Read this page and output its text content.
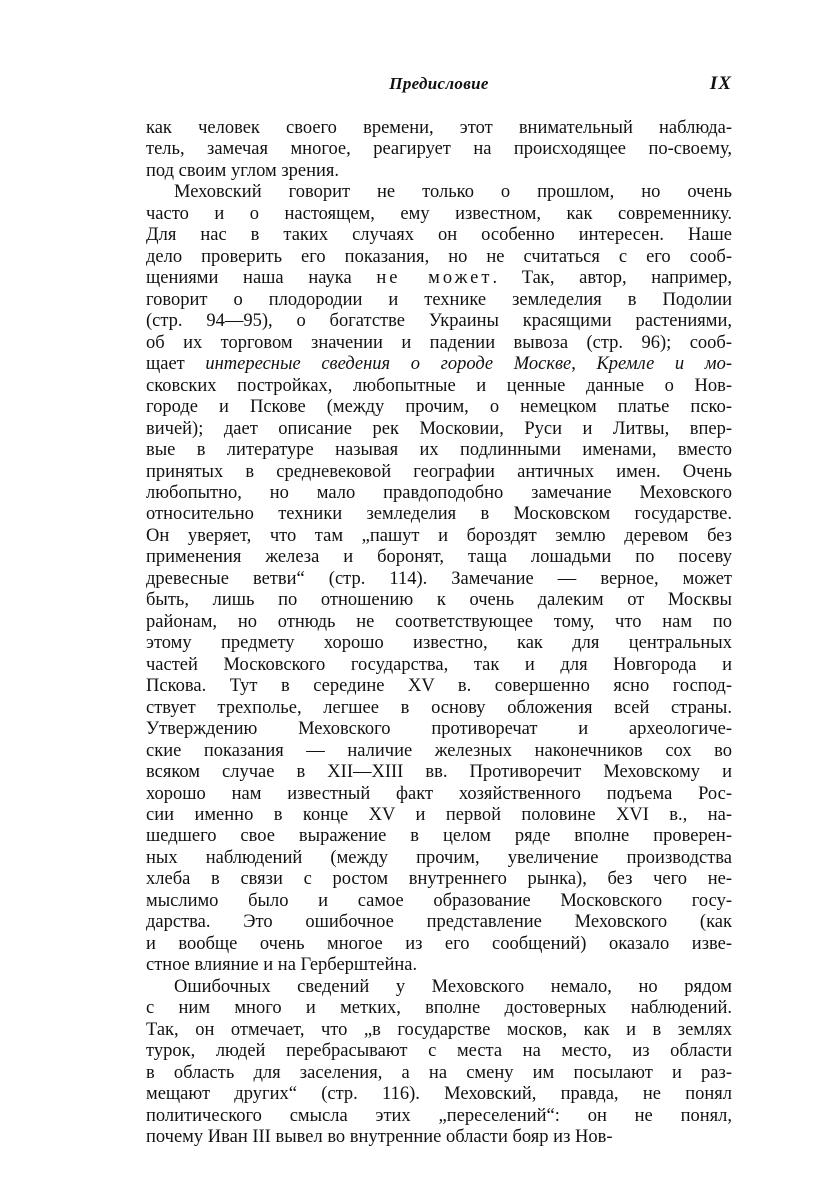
Предисловие	IX
как человек своего времени, этот внимательный наблюда-
тель, замечая многое, реагирует на происходящее по-своему,
под своим углом зрения.
Меховский говорит не только о прошлом, но очень
часто и о настоящем, ему известном, как современнику.
Для нас в таких случаях он особенно интересен. Наше
дело проверить его показания, но не считаться с его сооб-
щениями наша наука не может. Так, автор, например,
говорит о плодородии и технике земледелия в Подолии
(стр. 94—95), о богатстве Украины красящими растениями,
об их торговом значении и падении вывоза (стр. 96); сооб-
щает интересные сведения о городе Москве, Кремле и мо-
сковских постройках, любопытные и ценные данные о Нов-
городе и Пскове (между прочим, о немецком платье пско-
вичей); дает описание рек Московии, Руси и Литвы, впер-
вые в литературе называя их подлинными именами, вместо
принятых в средневековой географии античных имен. Очень
любопытно, но мало правдоподобно замечание Меховского
относительно техники земледелия в Московском государстве.
Он уверяет, что там „пашут и бороздят землю деревом без
применения железа и боронят, таща лошадьми по посеву
древесные ветви“ (стр. 114). Замечание — верное, может
быть, лишь по отношению к очень далеким от Москвы
районам, но отнюдь не соответствующее тому, что нам по
этому предмету хорошо известно, как для центральных
частей Московского государства, так и для Новгорода и
Пскова. Тут в середине XV в. совершенно ясно господ-
ствует трехполье, легшее в основу обложения всей страны.
Утверждению Меховского противоречат и археологиче-
ские показания — наличие железных наконечников сох во
всяком случае в XII—XIII вв. Противоречит Меховскому и
хорошо нам известный факт хозяйственного подъема Рос-
сии именно в конце XV и первой половине XVI в., на-
шедшего свое выражение в целом ряде вполне проверен-
ных наблюдений (между прочим, увеличение производства
хлеба в связи с ростом внутреннего рынка), без чего не-
мыслимо было и самое образование Московского госу-
дарства. Это ошибочное представление Меховского (как
и вообще очень многое из его сообщений) оказало изве-
стное влияние и на Герберштейна.
Ошибочных сведений у Меховского немало, но рядом
с ним много и метких, вполне достоверных наблюдений.
Так, он отмечает, что „в государстве москов, как и в землях
турок, людей перебрасывают с места на место, из области
в область для заселения, а на смену им посылают и раз-
мещают других“ (стр. 116). Меховский, правда, не понял
политического смысла этих „переселений“: он не понял,
почему Иван III вывел во внутренние области бояр из Нов-
